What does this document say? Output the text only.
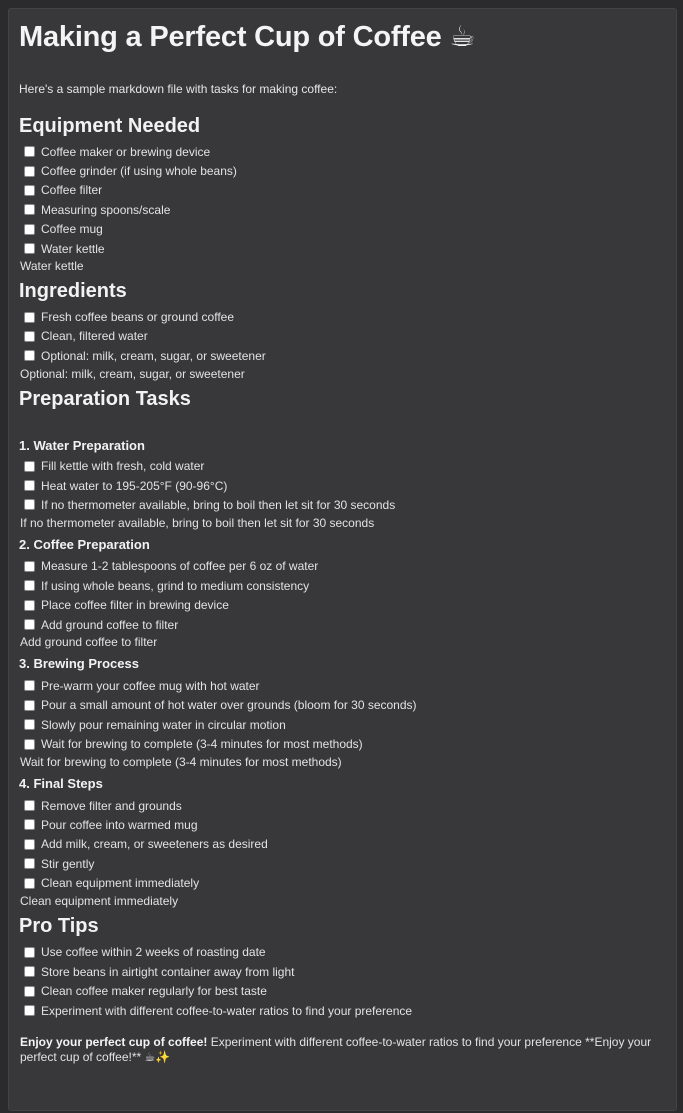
Making a Perfect Cup of Coffee ☕

Here's a sample markdown file with tasks for making coffee:

Equipment Needed
Coffee maker or brewing device
Coffee grinder (if using whole beans)
Coffee filter
Measuring spoons/scale
Coffee mug
Water kettle
Water kettle
Ingredients
Fresh coffee beans or ground coffee
Clean, filtered water
Optional: milk, cream, sugar, or sweetener
Optional: milk, cream, sugar, or sweetener
Preparation Tasks
1. Water Preparation
Fill kettle with fresh, cold water
Heat water to 195-205°F (90-96°C)
If no thermometer available, bring to boil then let sit for 30 seconds
If no thermometer available, bring to boil then let sit for 30 seconds
2. Coffee Preparation
Measure 1-2 tablespoons of coffee per 6 oz of water
If using whole beans, grind to medium consistency
Place coffee filter in brewing device
Add ground coffee to filter
Add ground coffee to filter
3. Brewing Process
Pre-warm your coffee mug with hot water
Pour a small amount of hot water over grounds (bloom for 30 seconds)
Slowly pour remaining water in circular motion
Wait for brewing to complete (3-4 minutes for most methods)
Wait for brewing to complete (3-4 minutes for most methods)
4. Final Steps
Remove filter and grounds
Pour coffee into warmed mug
Add milk, cream, or sweeteners as desired
Stir gently
Clean equipment immediately
Clean equipment immediately
Pro Tips
Use coffee within 2 weeks of roasting date
Store beans in airtight container away from light
Clean coffee maker regularly for best taste
Experiment with different coffee-to-water ratios to find your preference

Enjoy your perfect cup of coffee! Experiment with different coffee-to-water ratios to find your preference **Enjoy your perfect cup of coffee!** ☕✨
